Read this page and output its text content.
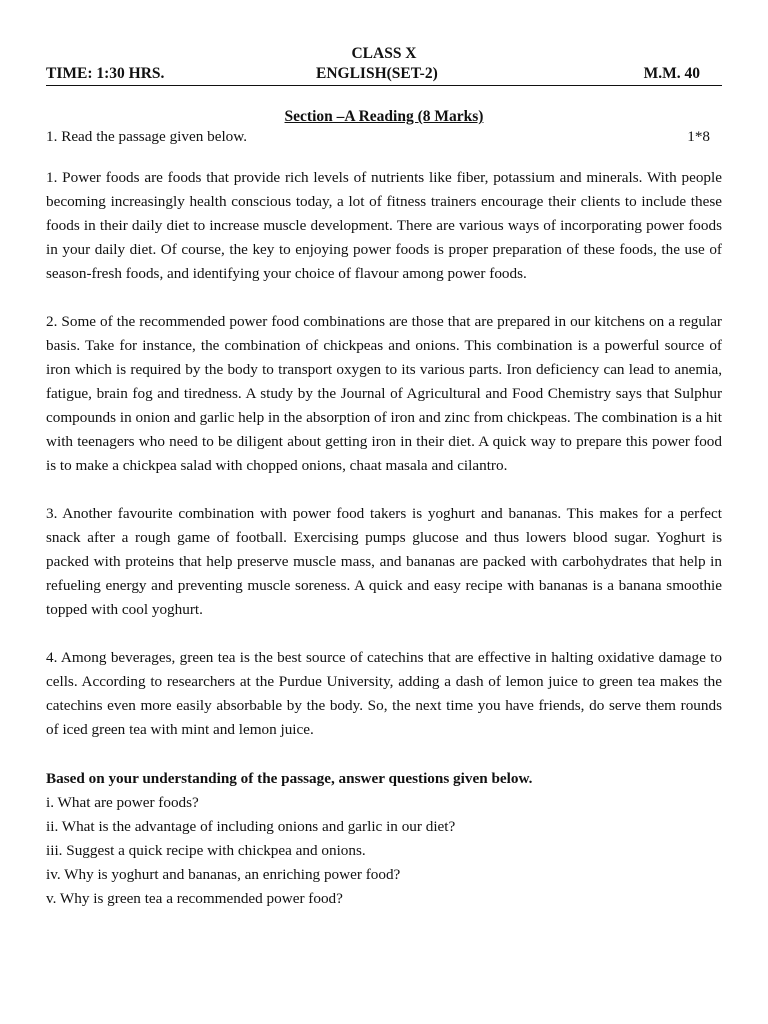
CLASS X
TIME: 1:30 HRS.	ENGLISH(SET-2)	M.M. 40
Section –A Reading (8 Marks)
1. Read the passage given below.	1*8

1. Power foods are foods that provide rich levels of nutrients like fiber, potassium and minerals. With people becoming increasingly health conscious today, a lot of fitness trainers encourage their clients to include these foods in their daily diet to increase muscle development. There are various ways of incorporating power foods in your daily diet. Of course, the key to enjoying power foods is proper preparation of these foods, the use of season-fresh foods, and identifying your choice of flavour among power foods.

2. Some of the recommended power food combinations are those that are prepared in our kitchens on a regular basis. Take for instance, the combination of chickpeas and onions. This combination is a powerful source of iron which is required by the body to transport oxygen to its various parts. Iron deficiency can lead to anemia, fatigue, brain fog and tiredness. A study by the Journal of Agricultural and Food Chemistry says that Sulphur compounds in onion and garlic help in the absorption of iron and zinc from chickpeas. The combination is a hit with teenagers who need to be diligent about getting iron in their diet. A quick way to prepare this power food is to make a chickpea salad with chopped onions, chaat masala and cilantro.

3. Another favourite combination with power food takers is yoghurt and bananas. This makes for a perfect snack after a rough game of football. Exercising pumps glucose and thus lowers blood sugar. Yoghurt is packed with proteins that help preserve muscle mass, and bananas are packed with carbohydrates that help in refueling energy and preventing muscle soreness. A quick and easy recipe with bananas is a banana smoothie topped with cool yoghurt.

4. Among beverages, green tea is the best source of catechins that are effective in halting oxidative damage to cells. According to researchers at the Purdue University, adding a dash of lemon juice to green tea makes the catechins even more easily absorbable by the body. So, the next time you have friends, do serve them rounds of iced green tea with mint and lemon juice.

Based on your understanding of the passage, answer questions given below.
i. What are power foods?
ii. What is the advantage of including onions and garlic in our diet?
iii. Suggest a quick recipe with chickpea and onions.
iv. Why is yoghurt and bananas, an enriching power food?
v. Why is green tea a recommended power food?
